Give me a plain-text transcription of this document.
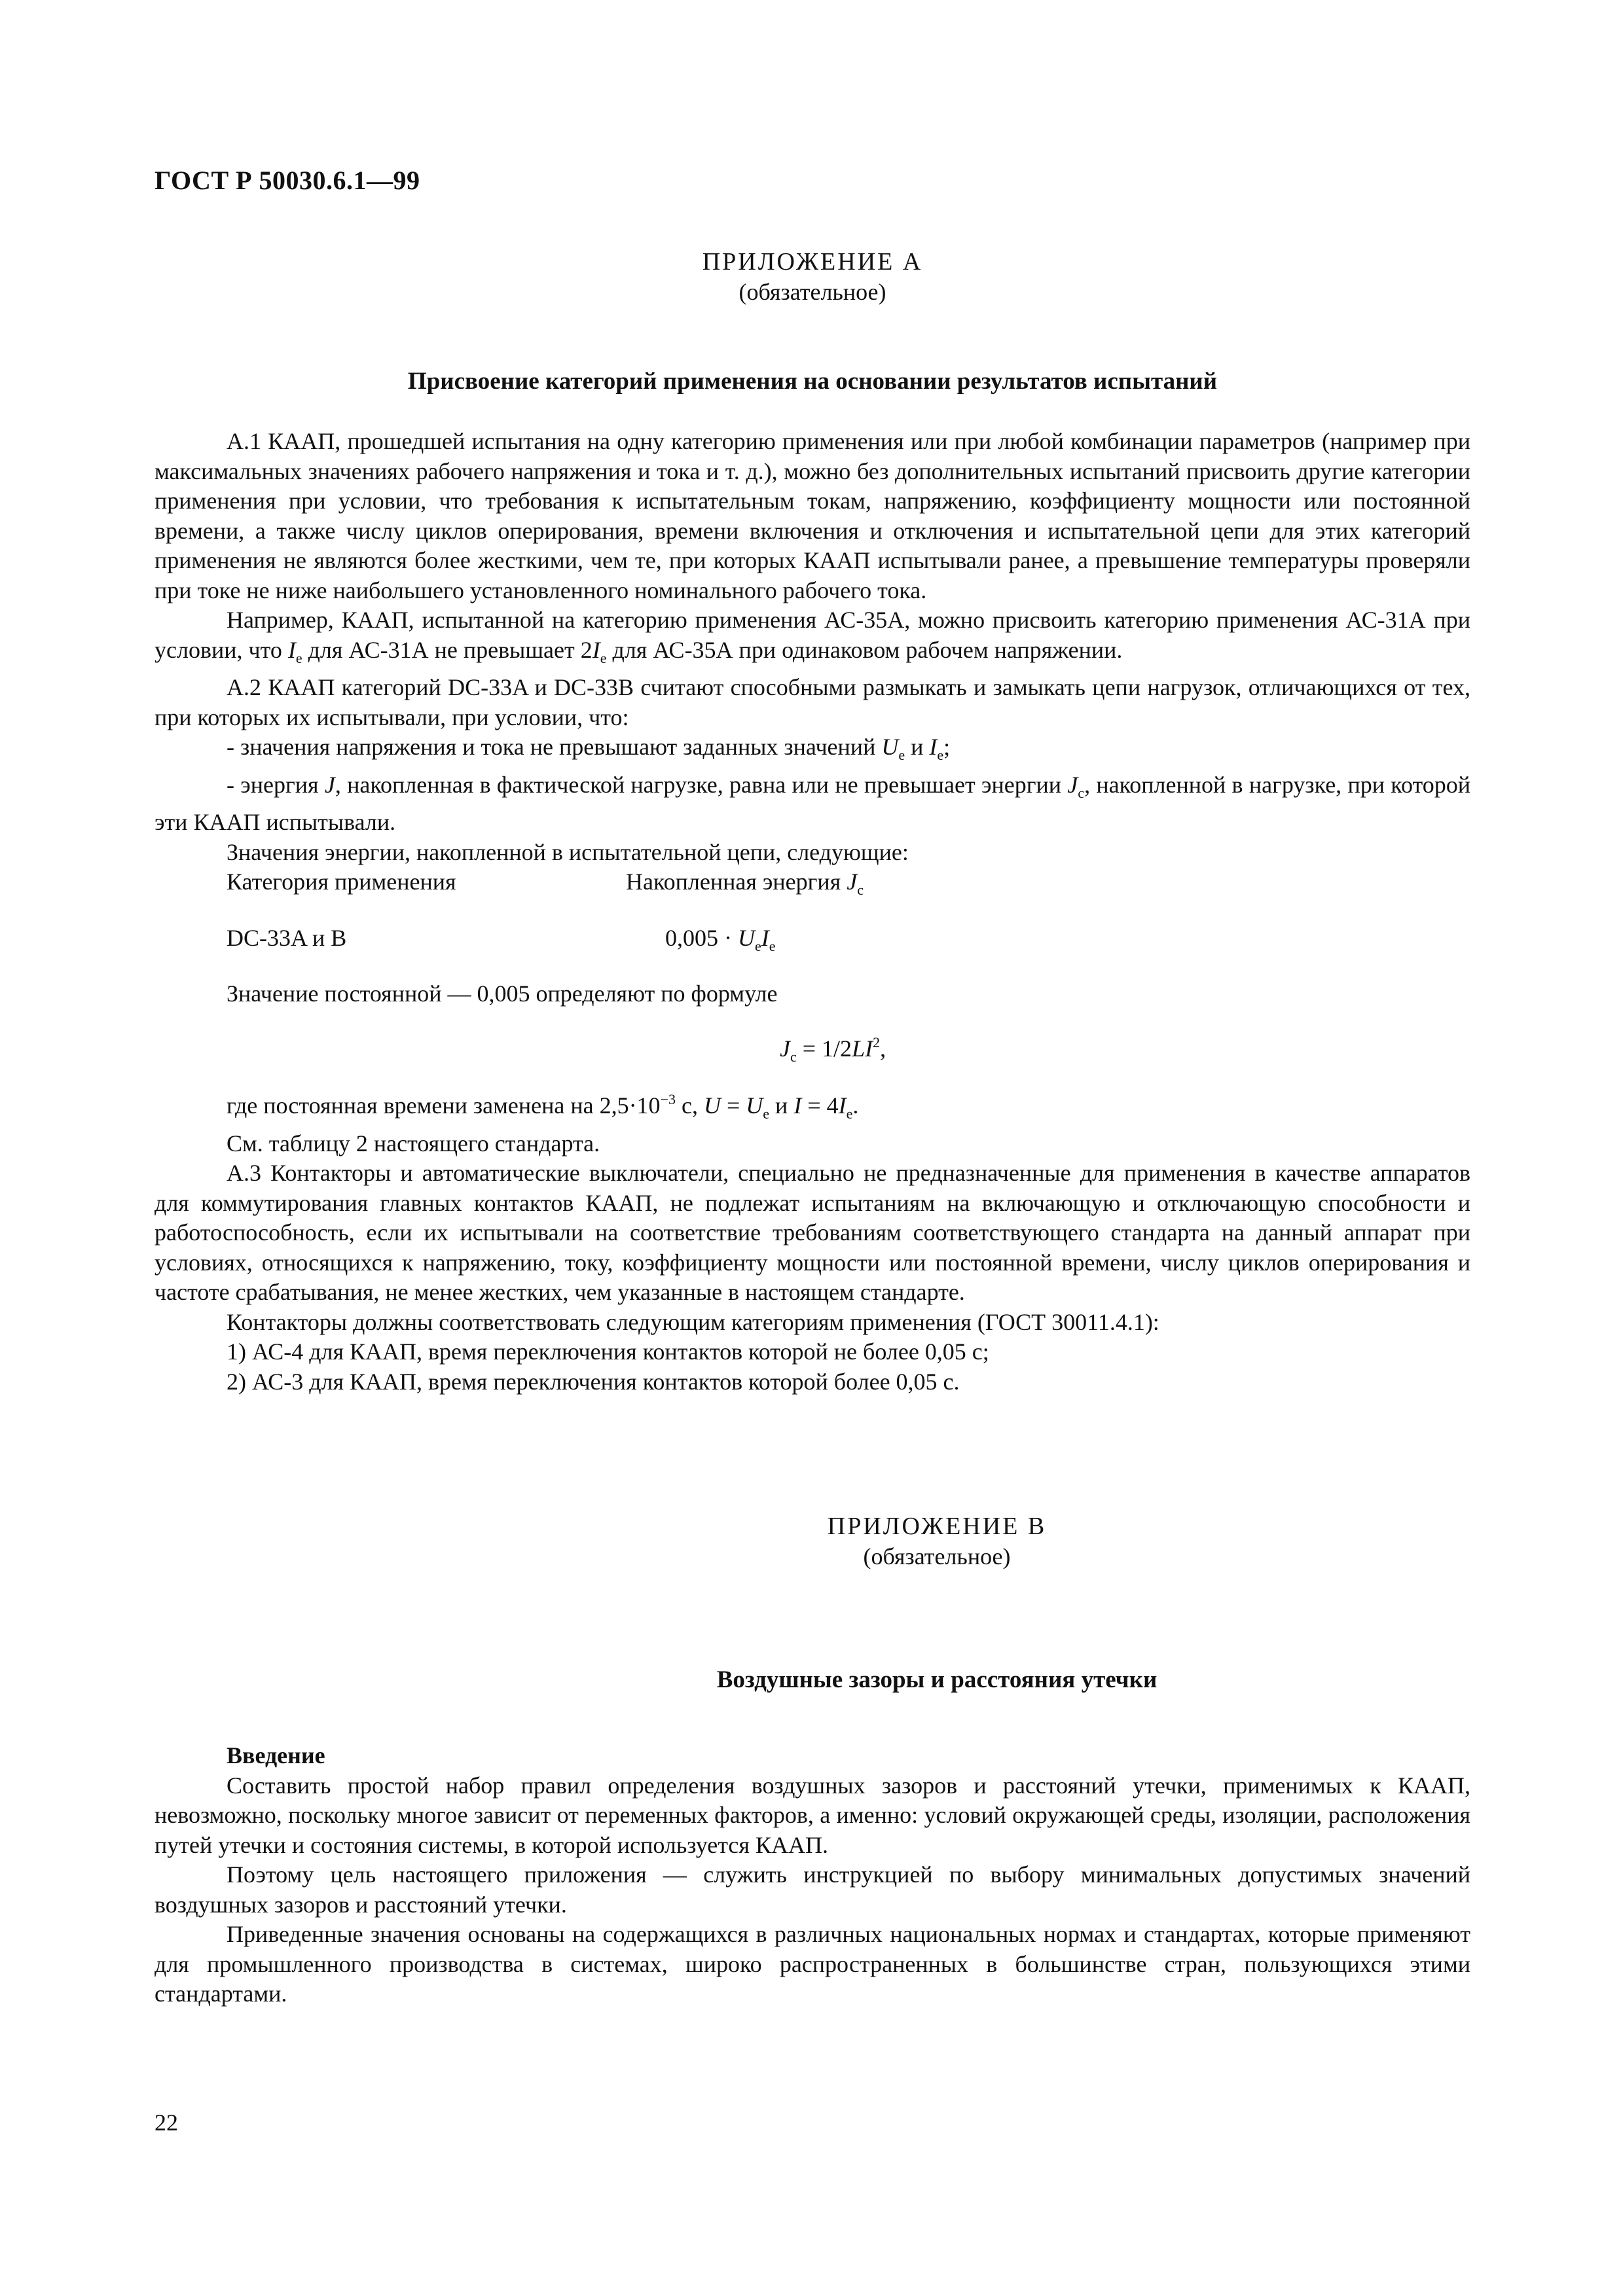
ГОСТ Р 50030.6.1—99
ПРИЛОЖЕНИЕ А
(обязательное)
Присвоение категорий применения на основании результатов испытаний

А.1 КААП, прошедшей испытания на одну категорию применения или при любой комбинации параметров (например при максимальных значениях рабочего напряжения и тока и т. д.), можно без дополнительных испытаний присвоить другие категории применения при условии, что требования к испытательным токам, напряжению, коэффициенту мощности или постоянной времени, а также числу циклов оперирования, времени включения и отключения и испытательной цепи для этих категорий применения не являются более жесткими, чем те, при которых КААП испытывали ранее, а превышение температуры проверяли при токе не ниже наибольшего установленного номинального рабочего тока.

Например, КААП, испытанной на категорию применения АС-35А, можно присвоить категорию применения АС-31А при условии, что $I_e$ для АС-31А не превышает $2I_e$ для АС-35А при одинаковом рабочем напряжении.

А.2 КААП категорий DC-33A и DC-33B считают способными размыкать и замыкать цепи нагрузок, отличающихся от тех, при которых их испытывали, при условии, что:

- значения напряжения и тока не превышают заданных значений $U_e$ и $I_e$;

- энергия J, накопленная в фактической нагрузке, равна или не превышает энергии $J_c$, накопленной в нагрузке, при которой эти КААП испытывали.

Значения энергии, накопленной в испытательной цепи, следующие:

Категория применения	Накопленная энергия $J_c$
DC-33A и B	$0,005 \cdot U_eI_e$

Значение постоянной — 0,005 определяют по формуле

$J_c = 1/2LI^2$,

где постоянная времени заменена на $2,5\cdot 10^{-3}$ с, $U = U_e$ и $I = 4I_e$.

См. таблицу 2 настоящего стандарта.

А.3 Контакторы и автоматические выключатели, специально не предназначенные для применения в качестве аппаратов для коммутирования главных контактов КААП, не подлежат испытаниям на включающую и отключающую способности и работоспособность, если их испытывали на соответствие требованиям соответствующего стандарта на данный аппарат при условиях, относящихся к напряжению, току, коэффициенту мощности или постоянной времени, числу циклов оперирования и частоте срабатывания, не менее жестких, чем указанные в настоящем стандарте.

Контакторы должны соответствовать следующим категориям применения (ГОСТ 30011.4.1):

1) АС-4 для КААП, время переключения контактов которой не более 0,05 с;

2) АС-3 для КААП, время переключения контактов которой более 0,05 с.

ПРИЛОЖЕНИЕ В
(обязательное)
Воздушные зазоры и расстояния утечки

Введение

Составить простой набор правил определения воздушных зазоров и расстояний утечки, применимых к КААП, невозможно, поскольку многое зависит от переменных факторов, а именно: условий окружающей среды, изоляции, расположения путей утечки и состояния системы, в которой используется КААП.

Поэтому цель настоящего приложения — служить инструкцией по выбору минимальных допустимых значений воздушных зазоров и расстояний утечки.

Приведенные значения основаны на содержащихся в различных национальных нормах и стандартах, которые применяют для промышленного производства в системах, широко распространенных в большинстве стран, пользующихся этими стандартами.

22
